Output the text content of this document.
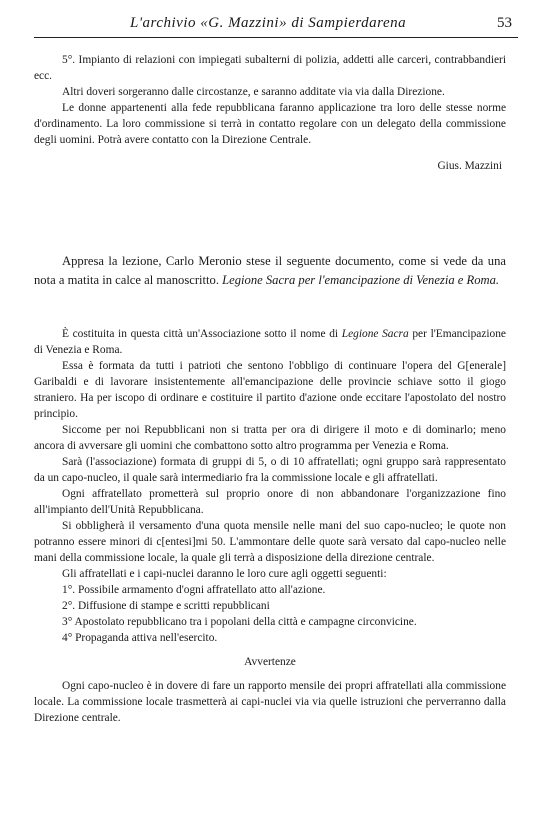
L'archivio «G. Mazzini» di Sampierdarena	53

5°. Impianto di relazioni con impiegati subalterni di polizia, addetti alle carceri, contrabbandieri ecc.

Altri doveri sorgeranno dalle circostanze, e saranno additate via via dalla Direzione.

Le donne appartenenti alla fede repubblicana faranno applicazione tra loro delle stesse norme d'ordinamento. La loro commissione si terrà in contatto regolare con un delegato della commissione degli uomini. Potrà avere contatto con la Direzione Centrale.

Gius. Mazzini

Appresa la lezione, Carlo Meronio stese il seguente documento, come si vede da una nota a matita in calce al manoscritto. Legione Sacra per l'emancipazione di Venezia e Roma.

È costituita in questa città un'Associazione sotto il nome di Legione Sacra per l'Emancipazione di Venezia e Roma.

Essa è formata da tutti i patrioti che sentono l'obbligo di continuare l'opera del G[enerale] Garibaldi e di lavorare insistentemente all'emancipazione delle provincie schiave sotto il giogo straniero. Ha per iscopo di ordinare e costituire il partito d'azione onde eccitare l'apostolato del nostro principio.

Siccome per noi Repubblicani non si tratta per ora di dirigere il moto e di dominarlo; meno ancora di avversare gli uomini che combattono sotto altro programma per Venezia e Roma.

Sarà (l'associazione) formata di gruppi di 5, o di 10 affratellati; ogni gruppo sarà rappresentato da un capo-nucleo, il quale sarà intermediario fra la commissione locale e gli affratellati.

Ogni affratellato prometterà sul proprio onore di non abbandonare l'organizzazione fino all'impianto dell'Unità Repubblicana.

Si obbligherà il versamento d'una quota mensile nelle mani del suo capo-nucleo; le quote non potranno essere minori di c[entesi]mi 50. L'ammontare delle quote sarà versato dal capo-nucleo nelle mani della commissione locale, la quale gli terrà a disposizione della direzione centrale.

Gli affratellati e i capi-nuclei daranno le loro cure agli oggetti seguenti:

1°. Possibile armamento d'ogni affratellato atto all'azione.

2°. Diffusione di stampe e scritti repubblicani

3° Apostolato repubblicano tra i popolani della città e campagne circonvicine.

4° Propaganda attiva nell'esercito.

Avvertenze

Ogni capo-nucleo è in dovere di fare un rapporto mensile dei propri affratellati alla commissione locale. La commissione locale trasmetterà ai capi-nuclei via via quelle istruzioni che perverranno dalla Direzione centrale.
